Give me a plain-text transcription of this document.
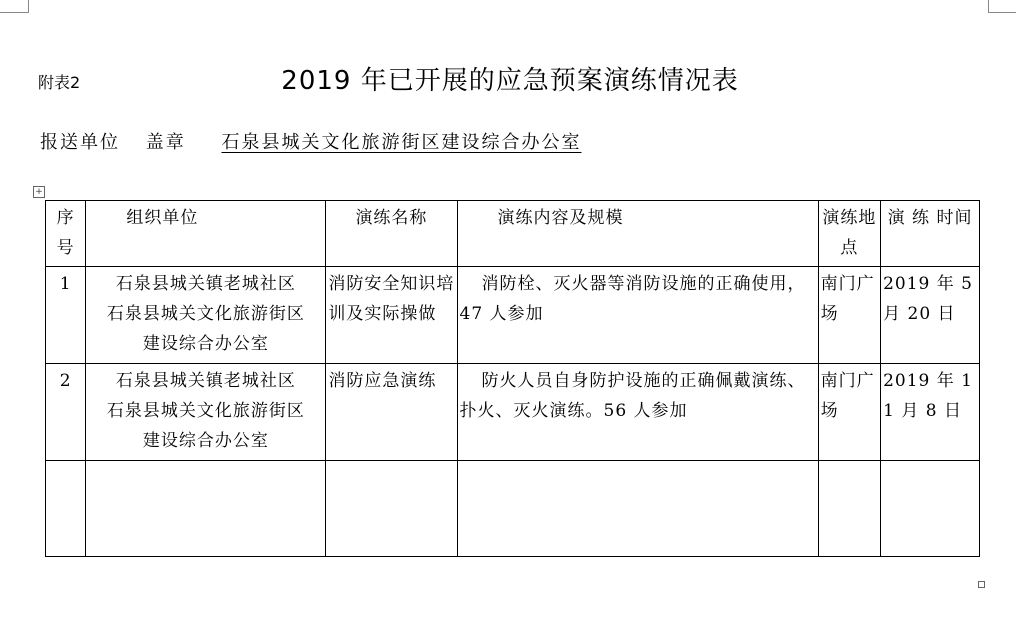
附表2	2019 年已开展的应急预案演练情况表
报送单位 盖章 石泉县城关文化旅游街区建设综合办公室
+
序号	组织单位	演练名称	演练内容及规模	演练地点	演 练 时间
1	石泉县城关镇老城社区
石泉县城关文化旅游街区
建设综合办公室	消防安全知识培训及实际操做	消防栓、灭火器等消防设施的正确使用，47 人参加	南门广场	2019 年 5 月 20 日
2	石泉县城关镇老城社区
石泉县城关文化旅游街区
建设综合办公室	消防应急演练	防火人员自身防护设施的正确佩戴演练、扑火、灭火演练。56 人参加	南门广场	2019 年 11 月 8 日
